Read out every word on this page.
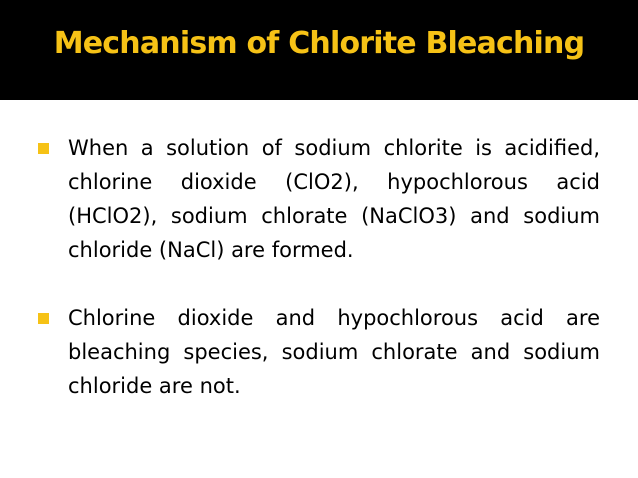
Mechanism of Chlorite Bleaching

When a solution of sodium chlorite is acidified, chlorine dioxide (ClO2), hypochlorous acid (HClO2), sodium chlorate (NaClO3) and sodium chloride (NaCl) are formed.

Chlorine dioxide and hypochlorous acid are bleaching species, sodium chlorate and sodium chloride are not.
